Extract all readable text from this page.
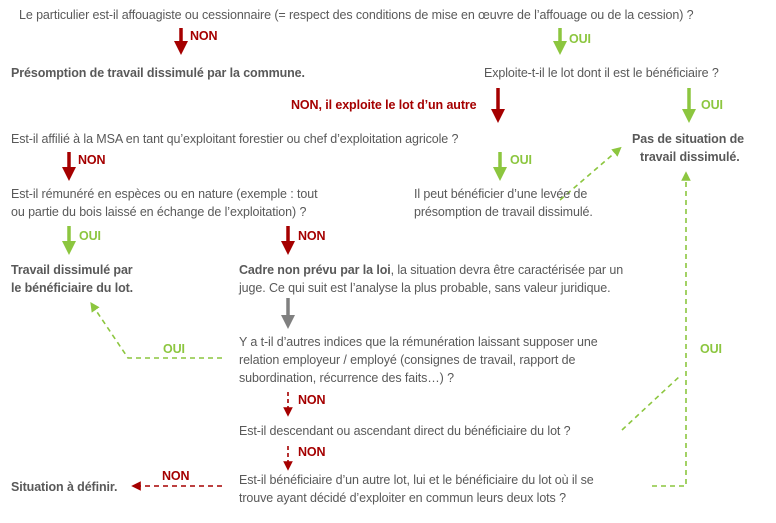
Le particulier est-il affouagiste ou cessionnaire (= respect des conditions de mise en œuvre de l’affouage ou de la cession) ?
NON	OUI
Présomption de travail dissimulé par la commune.	Exploite-t-il le lot dont il est le bénéficiaire ?
NON, il exploite le lot d’un autre	OUI
Est-il affilié à la MSA en tant qu’exploitant forestier ou chef d’exploitation agricole ?	Pas de situation de
travail dissimulé.
NON	OUI
Est-il rémunéré en espèces ou en nature (exemple : tout
ou partie du bois laissé en échange de l’exploitation) ?
Il peut bénéficier d’une levée de
présomption de travail dissimulé.
OUI	NON
Travail dissimulé par
le bénéficiaire du lot.
Cadre non prévu par la loi, la situation devra être caractérisée par un
juge. Ce qui suit est l’analyse la plus probable, sans valeur juridique.
Y a t-il d’autres indices que la rémunération laissant supposer une
relation employeur / employé (consignes de travail, rapport de
subordination, récurrence des faits…) ?
OUI	OUI
NON
Est-il descendant ou ascendant direct du bénéficiaire du lot ?
NON
Est-il bénéficiaire d’un autre lot, lui et le bénéficiaire du lot où il se
trouve ayant décidé d’exploiter en commun leurs deux lots ?
NON
Situation à définir.
